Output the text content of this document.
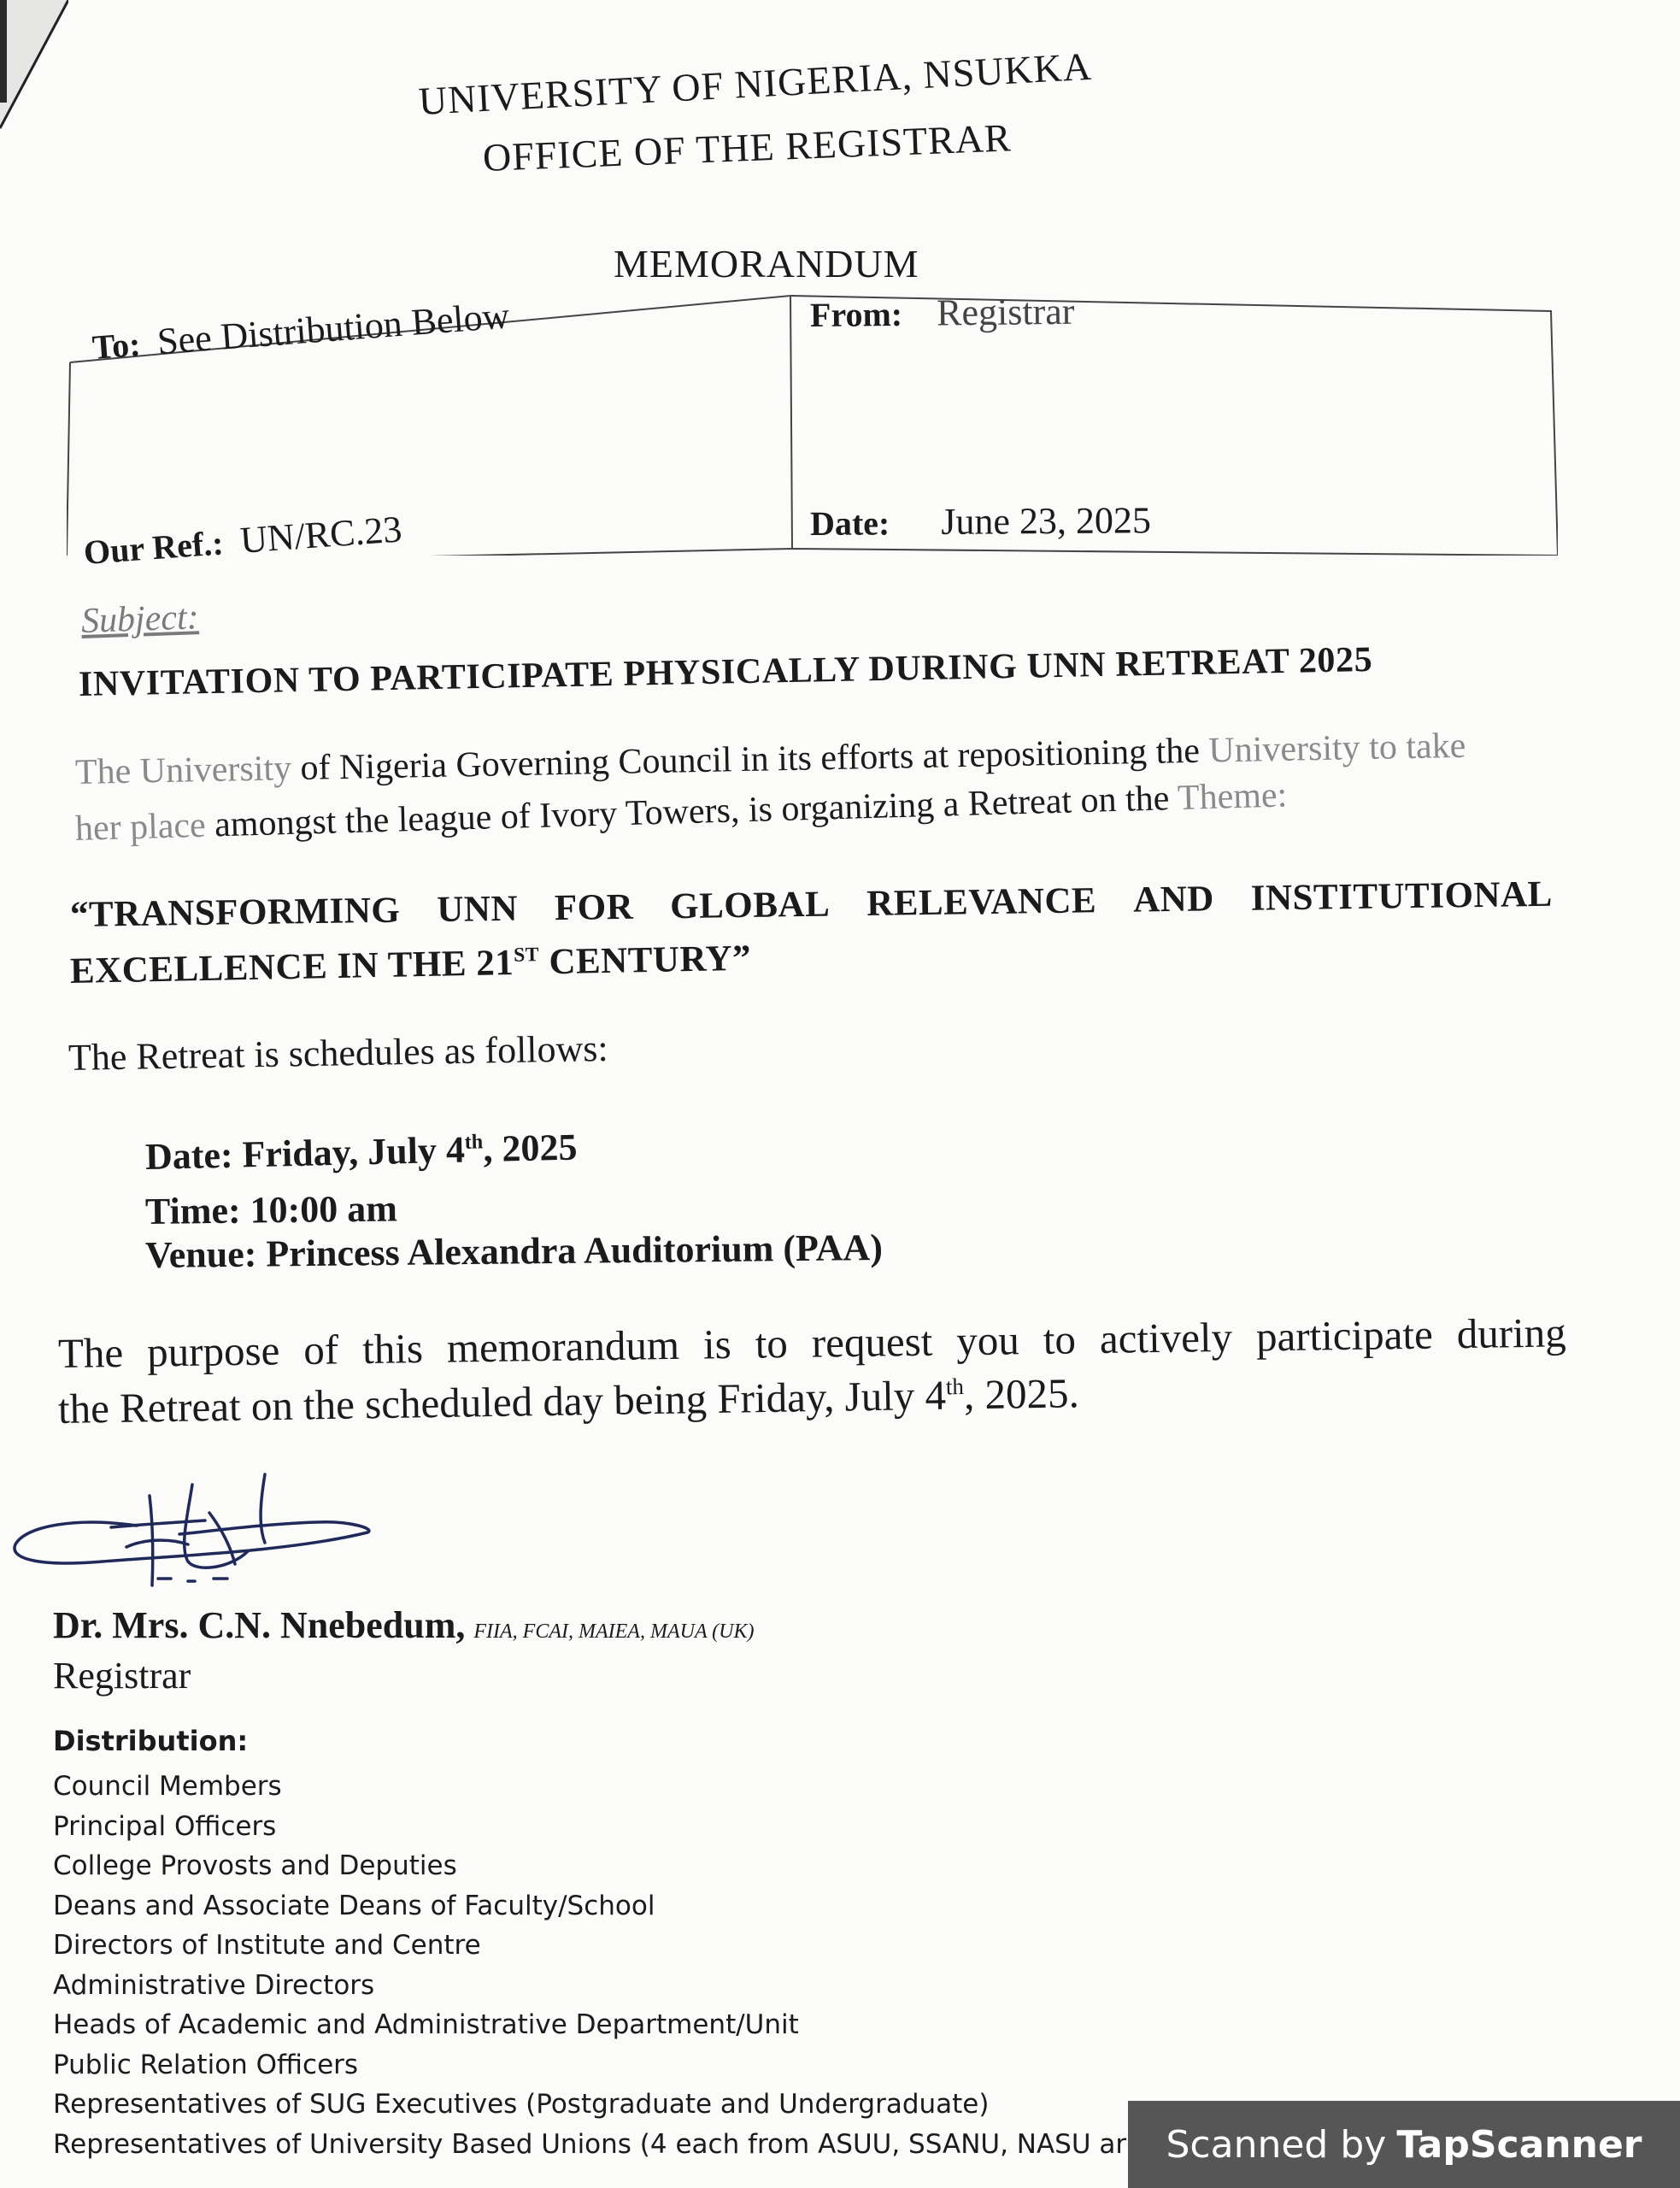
UNIVERSITY OF NIGERIA, NSUKKA
OFFICE OF THE REGISTRAR
MEMORANDUM
To: See Distribution Below	From: Registrar
Our Ref.: UN/RC.23	Date: June 23, 2025
Subject:
INVITATION TO PARTICIPATE PHYSICALLY DURING UNN RETREAT 2025
The University of Nigeria Governing Council in its efforts at repositioning the University to take
her place amongst the league of Ivory Towers, is organizing a Retreat on the Theme:
“TRANSFORMING UNN FOR GLOBAL RELEVANCE AND INSTITUTIONAL
EXCELLENCE IN THE 21ST CENTURY”
The Retreat is schedules as follows:
Date: Friday, July 4th, 2025
Time: 10:00 am
Venue: Princess Alexandra Auditorium (PAA)
The purpose of this memorandum is to request you to actively participate during
the Retreat on the scheduled day being Friday, July 4th, 2025.
Dr. Mrs. C.N. Nnebedum, FIIA, FCAI, MAIEA, MAUA (UK)
Registrar
Distribution:
Council Members
Principal Officers
College Provosts and Deputies
Deans and Associate Deans of Faculty/School
Directors of Institute and Centre
Administrative Directors
Heads of Academic and Administrative Department/Unit
Public Relation Officers
Representatives of SUG Executives (Postgraduate and Undergraduate)
Representatives of University Based Unions (4 each from ASUU, SSANU, NASU ar Scanned by TapScanner
